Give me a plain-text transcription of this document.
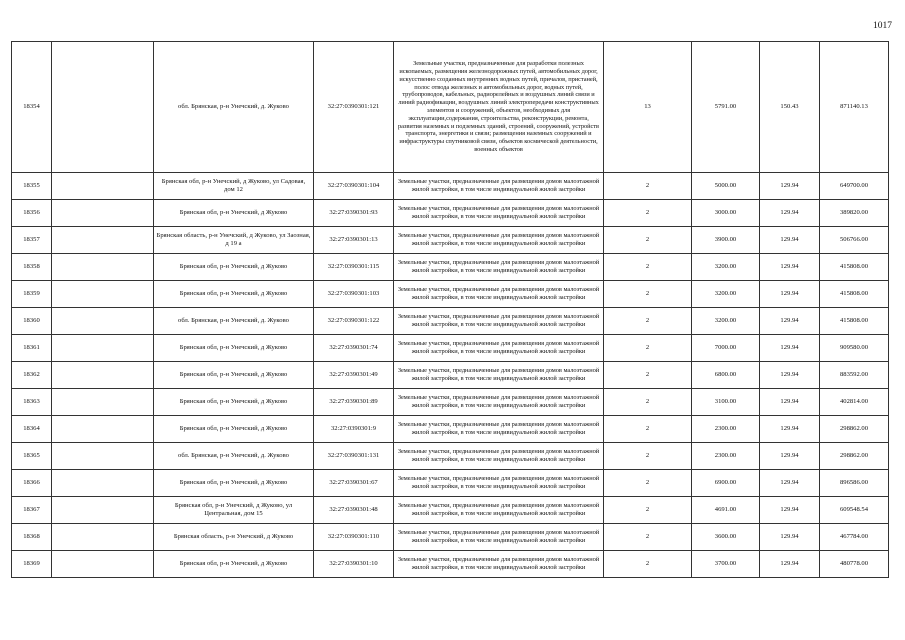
1017
18354		обл. Брянская, р-н Унечский, д. Жуково	32:27:0390301:121	Земельные участки, предназначенные для разработки полезных ископаемых, размещения железнодорожных путей, автомобильных дорог, искусственно созданных внутренних водных путей, причалов, пристаней, полос отвода железных и автомобильных дорог, водных путей, трубопроводов, кабельных, радиорелейных и воздушных линий связи и линий радиофикации, воздушных линий электропередачи конструктивных элементов и сооружений, объектов, необходимых для эксплуатации,содержания, строительства, реконструкции, ремонта, развития наземных и подземных зданий, строений, сооружений, устройств транспорта, энергетики и связи; размещения наземных сооружений и инфраструктуры спутниковой связи, объектов космической деятельности, военных объектов	13	5791.00	150.43	871140.13
18355		Брянская обл, р-н Унечский, д Жуково, ул Садовая, дом 12	32:27:0390301:104	Земельные участки, предназначенные для размещения домов малоэтажной жилой застройки, в том числе индивидуальной жилой застройки	2	5000.00	129.94	649700.00
18356		Брянская обл, р-н Унечский, д Жуково	32:27:0390301:93	Земельные участки, предназначенные для размещения домов малоэтажной жилой застройки, в том числе индивидуальной жилой застройки	2	3000.00	129.94	389820.00
18357		Брянская область, р-н Унечский, д Жуково, ул Заозная, д 19 а	32:27:0390301:13	Земельные участки, предназначенные для размещения домов малоэтажной жилой застройки, в том числе индивидуальной жилой застройки	2	3900.00	129.94	506766.00
18358		Брянская обл, р-н Унечский, д Жуково	32:27:0390301:115	Земельные участки, предназначенные для размещения домов малоэтажной жилой застройки, в том числе индивидуальной жилой застройки	2	3200.00	129.94	415808.00
18359		Брянская обл, р-н Унечский, д Жуково	32:27:0390301:103	Земельные участки, предназначенные для размещения домов малоэтажной жилой застройки, в том числе индивидуальной жилой застройки	2	3200.00	129.94	415808.00
18360		обл. Брянская, р-н Унечский, д. Жуково	32:27:0390301:122	Земельные участки, предназначенные для размещения домов малоэтажной жилой застройки, в том числе индивидуальной жилой застройки	2	3200.00	129.94	415808.00
18361		Брянская обл, р-н Унечский, д Жуково	32:27:0390301:74	Земельные участки, предназначенные для размещения домов малоэтажной жилой застройки, в том числе индивидуальной жилой застройки	2	7000.00	129.94	909580.00
18362		Брянская обл, р-н Унечский, д Жуково	32:27:0390301:49	Земельные участки, предназначенные для размещения домов малоэтажной жилой застройки, в том числе индивидуальной жилой застройки	2	6800.00	129.94	883592.00
18363		Брянская обл, р-н Унечский, д Жуково	32:27:0390301:89	Земельные участки, предназначенные для размещения домов малоэтажной жилой застройки, в том числе индивидуальной жилой застройки	2	3100.00	129.94	402814.00
18364		Брянская обл, р-н Унечский, д Жуково	32:27:0390301:9	Земельные участки, предназначенные для размещения домов малоэтажной жилой застройки, в том числе индивидуальной жилой застройки	2	2300.00	129.94	298862.00
18365		обл. Брянская, р-н Унечский, д. Жуково	32:27:0390301:131	Земельные участки, предназначенные для размещения домов малоэтажной жилой застройки, в том числе индивидуальной жилой застройки	2	2300.00	129.94	298862.00
18366		Брянская обл, р-н Унечский, д Жуково	32:27:0390301:67	Земельные участки, предназначенные для размещения домов малоэтажной жилой застройки, в том числе индивидуальной жилой застройки	2	6900.00	129.94	896586.00
18367		Брянская обл, р-н Унечский, д Жуково, ул Центральная, дом 15	32:27:0390301:48	Земельные участки, предназначенные для размещения домов малоэтажной жилой застройки, в том числе индивидуальной жилой застройки	2	4691.00	129.94	609548.54
18368		Брянская область, р-н Унечский, д Жуково	32:27:0390301:110	Земельные участки, предназначенные для размещения домов малоэтажной жилой застройки, в том числе индивидуальной жилой застройки	2	3600.00	129.94	467784.00
18369		Брянская обл, р-н Унечский, д Жуково	32:27:0390301:10	Земельные участки, предназначенные для размещения домов малоэтажной жилой застройки, в том числе индивидуальной жилой застройки	2	3700.00	129.94	480778.00
